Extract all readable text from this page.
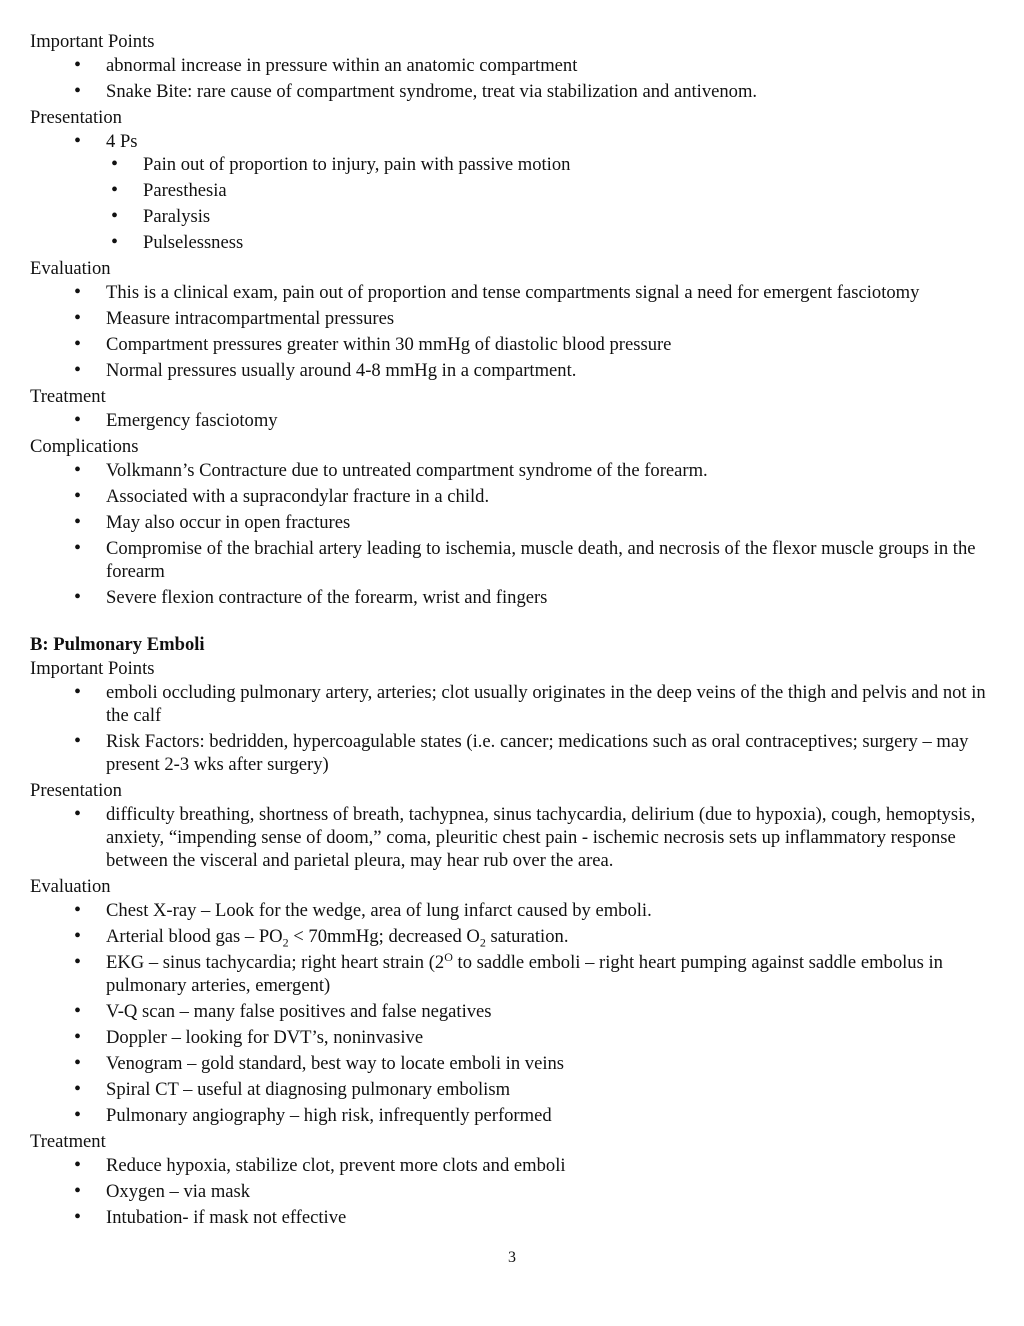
Important Points
• abnormal increase in pressure within an anatomic compartment
• Snake Bite: rare cause of compartment syndrome, treat via stabilization and antivenom.
Presentation
• 4 Ps
• Pain out of proportion to injury, pain with passive motion
• Paresthesia
• Paralysis
• Pulselessness
Evaluation
• This is a clinical exam, pain out of proportion and tense compartments signal a need for emergent fasciotomy
• Measure intracompartmental pressures
• Compartment pressures greater within 30 mmHg of diastolic blood pressure
• Normal pressures usually around 4-8 mmHg in a compartment.
Treatment
• Emergency fasciotomy
Complications
• Volkmann’s Contracture due to untreated compartment syndrome of the forearm.
• Associated with a supracondylar fracture in a child.
• May also occur in open fractures
• Compromise of the brachial artery leading to ischemia, muscle death, and necrosis of the flexor muscle groups in the forearm
• Severe flexion contracture of the forearm, wrist and fingers
B: Pulmonary Emboli
Important Points
• emboli occluding pulmonary artery, arteries; clot usually originates in the deep veins of the thigh and pelvis and not in the calf
• Risk Factors: bedridden, hypercoagulable states (i.e. cancer; medications such as oral contraceptives; surgery – may present 2-3 wks after surgery)
Presentation
• difficulty breathing, shortness of breath, tachypnea, sinus tachycardia, delirium (due to hypoxia), cough, hemoptysis, anxiety, “impending sense of doom,” coma, pleuritic chest pain - ischemic necrosis sets up inflammatory response between the visceral and parietal pleura, may hear rub over the area.
Evaluation
• Chest X-ray – Look for the wedge, area of lung infarct caused by emboli.
• Arterial blood gas – $PO_2$ < 70mmHg; decreased $O_2$ saturation.
• EKG – sinus tachycardia; right heart strain ($2^O$ to saddle emboli – right heart pumping against saddle embolus in pulmonary arteries, emergent)
• V-Q scan – many false positives and false negatives
• Doppler – looking for DVT’s, noninvasive
• Venogram – gold standard, best way to locate emboli in veins
• Spiral CT – useful at diagnosing pulmonary embolism
• Pulmonary angiography – high risk, infrequently performed
Treatment
• Reduce hypoxia, stabilize clot, prevent more clots and emboli
• Oxygen – via mask
• Intubation- if mask not effective
3
